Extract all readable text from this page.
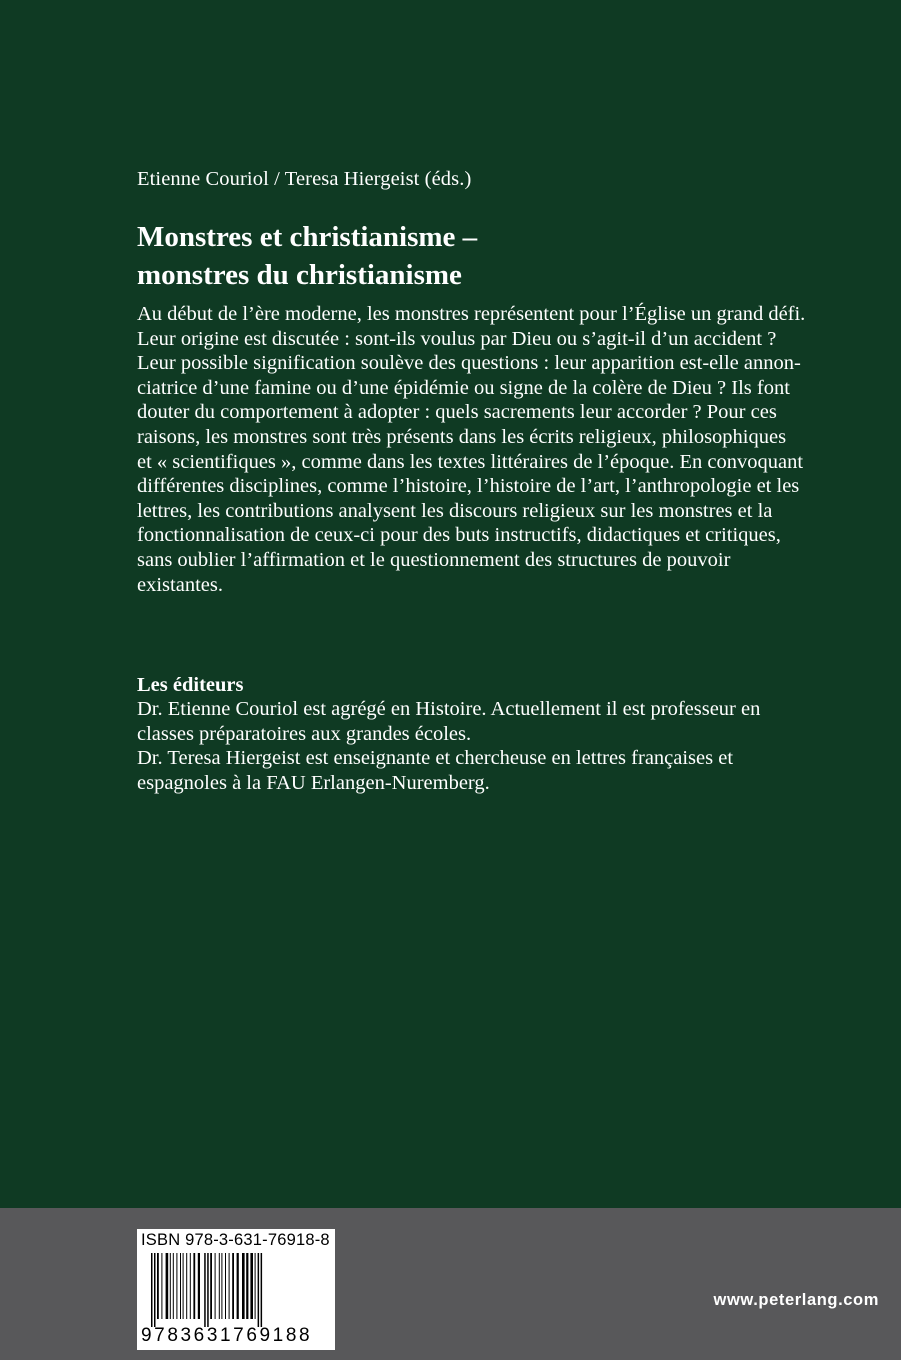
Etienne Couriol / Teresa Hiergeist (éds.)
Monstres et christianisme –
monstres du christianisme
Au début de l’ère moderne, les monstres représentent pour l’Église un grand défi.
Leur origine est discutée : sont-ils voulus par Dieu ou s’agit-il d’un accident ?
Leur possible signification soulève des questions : leur apparition est-elle annon-
ciatrice d’une famine ou d’une épidémie ou signe de la colère de Dieu ? Ils font
douter du comportement à adopter : quels sacrements leur accorder ? Pour ces
raisons, les monstres sont très présents dans les écrits religieux, philosophiques
et « scientifiques », comme dans les textes littéraires de l’époque. En convoquant
différentes disciplines, comme l’histoire, l’histoire de l’art, l’anthropologie et les
lettres, les contributions analysent les discours religieux sur les monstres et la
fonctionnalisation de ceux-ci pour des buts instructifs, didactiques et critiques,
sans oublier l’affirmation et le questionnement des structures de pouvoir
existantes.
Les éditeurs
Dr. Etienne Couriol est agrégé en Histoire. Actuellement il est professeur en
classes préparatoires aux grandes écoles.
Dr. Teresa Hiergeist est enseignante et chercheuse en lettres françaises et
espagnoles à la FAU Erlangen-Nuremberg.
ISBN 978-3-631-76918-8
9783631769188
www.peterlang.com
